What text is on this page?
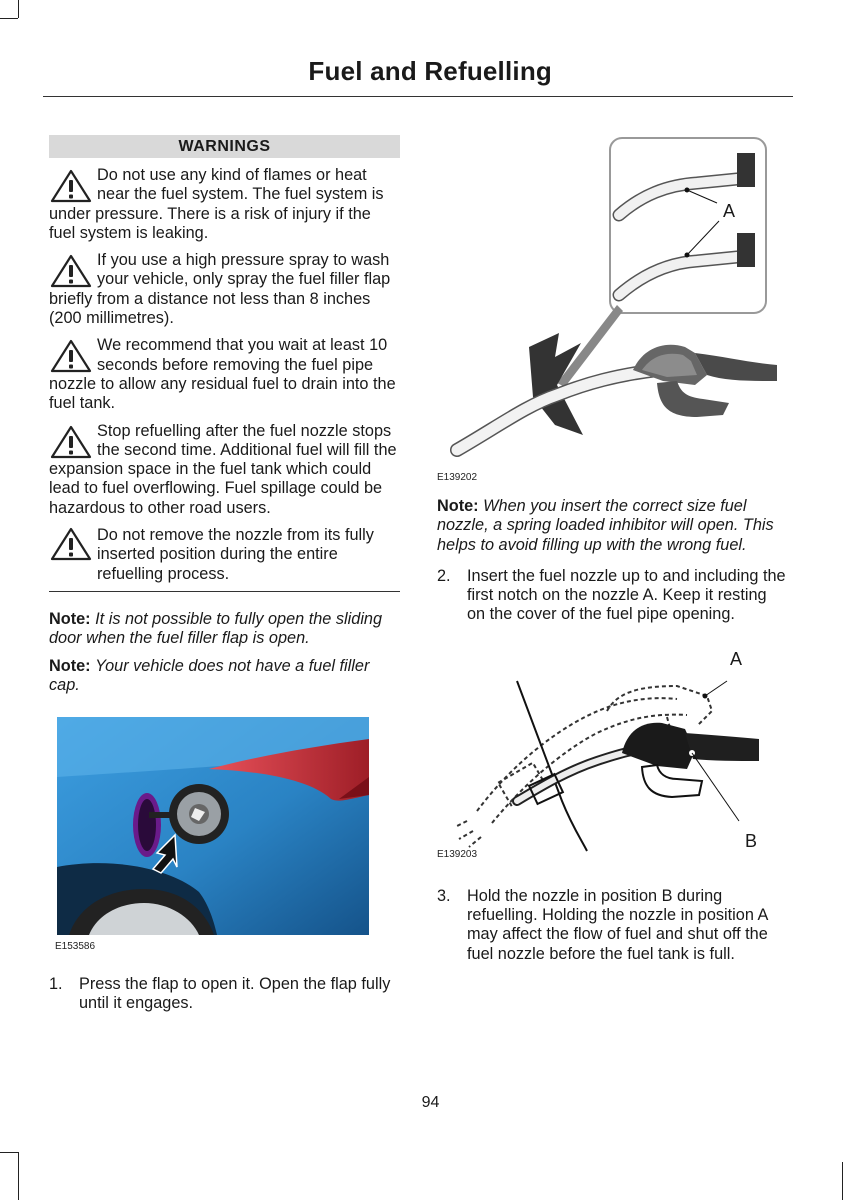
Fuel and Refuelling
WARNINGS
Do not use any kind of flames or heat near the fuel system. The fuel system is under pressure. There is a risk of injury if the fuel system is leaking.
If you use a high pressure spray to wash your vehicle, only spray the fuel filler flap briefly from a distance not less than 8 inches (200 millimetres).
We recommend that you wait at least 10 seconds before removing the fuel pipe nozzle to allow any residual fuel to drain into the fuel tank.
Stop refuelling after the fuel nozzle stops the second time. Additional fuel will fill the expansion space in the fuel tank which could lead to fuel overflowing. Fuel spillage could be hazardous to other road users.
Do not remove the nozzle from its fully inserted position during the entire refuelling process.

Note: It is not possible to fully open the sliding door when the fuel filler flap is open.

Note: Your vehicle does not have a fuel filler cap.

E153586
1. Press the flap to open it. Open the flap fully until it engages.
A
E139202

Note: When you insert the correct size fuel nozzle, a spring loaded inhibitor will open. This helps to avoid filling up with the wrong fuel.

2. Insert the fuel nozzle up to and including the first notch on the nozzle A. Keep it resting on the cover of the fuel pipe opening.
A
B
E139203
3. Hold the nozzle in position B during refuelling. Holding the nozzle in position A may affect the flow of fuel and shut off the fuel nozzle before the fuel tank is full.
94
